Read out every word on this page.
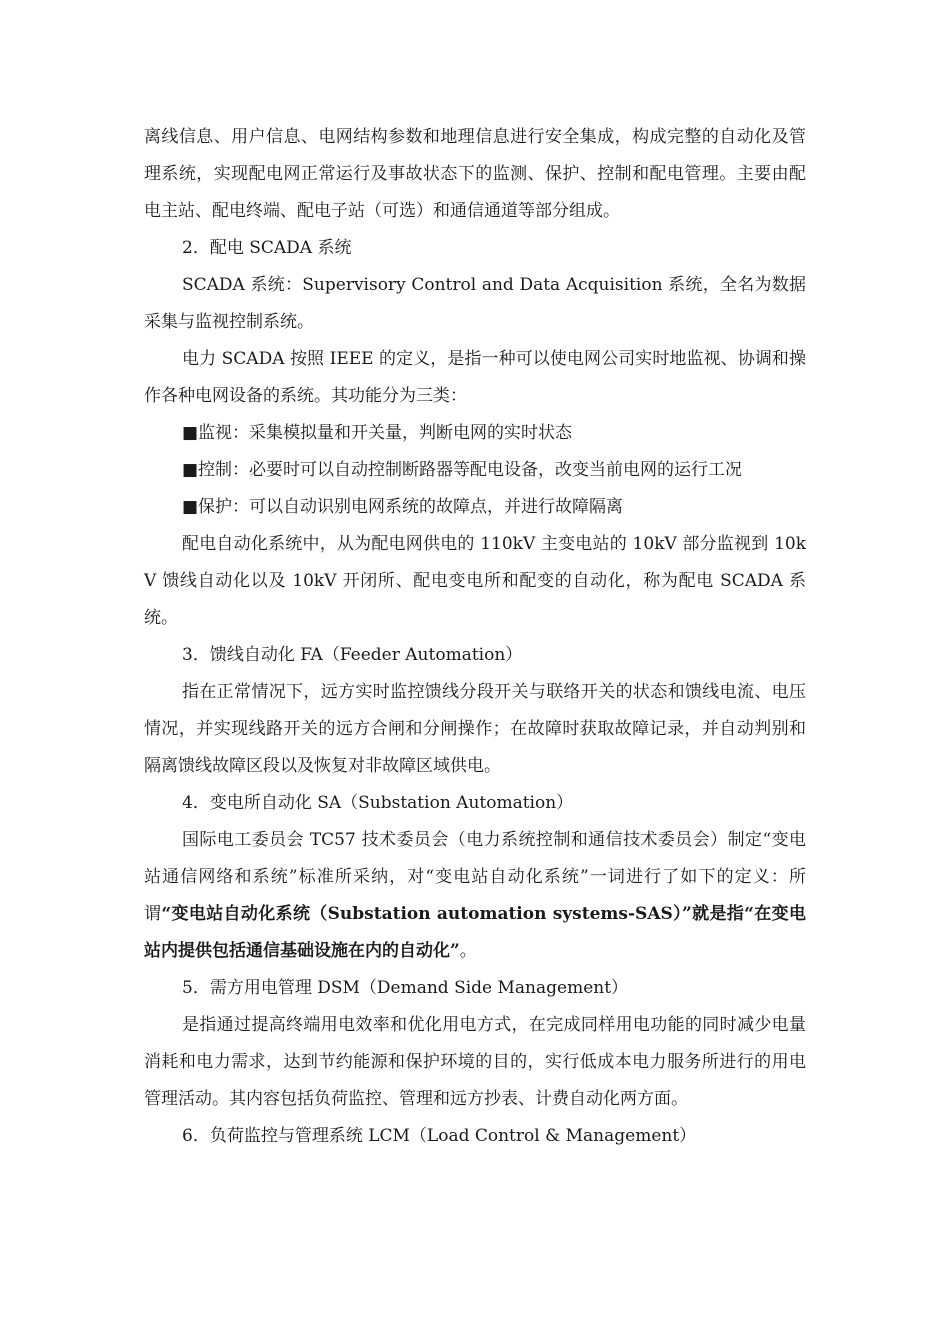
离线信息、用户信息、电网结构参数和地理信息进行安全集成，构成完整的自动化及管理系统，实现配电网正常运行及事故状态下的监测、保护、控制和配电管理。主要由配电主站、配电终端、配电子站（可选）和通信通道等部分组成。

2．配电 SCADA 系统

SCADA 系统：Supervisory Control and Data Acquisition 系统，全名为数据采集与监视控制系统。

电力 SCADA 按照 IEEE 的定义，是指一种可以使电网公司实时地监视、协调和操作各种电网设备的系统。其功能分为三类：

■监视：采集模拟量和开关量，判断电网的实时状态

■控制：必要时可以自动控制断路器等配电设备，改变当前电网的运行工况

■保护：可以自动识别电网系统的故障点，并进行故障隔离

配电自动化系统中，从为配电网供电的 110kV 主变电站的 10kV 部分监视到 10kV 馈线自动化以及 10kV 开闭所、配电变电所和配变的自动化，称为配电 SCADA 系统。

3．馈线自动化 FA（Feeder Automation）

指在正常情况下，远方实时监控馈线分段开关与联络开关的状态和馈线电流、电压情况，并实现线路开关的远方合闸和分闸操作；在故障时获取故障记录，并自动判别和隔离馈线故障区段以及恢复对非故障区域供电。

4．变电所自动化 SA（Substation Automation）

国际电工委员会 TC57 技术委员会（电力系统控制和通信技术委员会）制定“变电站通信网络和系统”标准所采纳，对“变电站自动化系统”一词进行了如下的定义：所谓“变电站自动化系统（Substation automation systems-SAS）”就是指“在变电站内提供包括通信基础设施在内的自动化”。

5．需方用电管理 DSM（Demand Side Management）

是指通过提高终端用电效率和优化用电方式，在完成同样用电功能的同时减少电量消耗和电力需求，达到节约能源和保护环境的目的，实行低成本电力服务所进行的用电管理活动。其内容包括负荷监控、管理和远方抄表、计费自动化两方面。

6．负荷监控与管理系统 LCM（Load Control & Management）
